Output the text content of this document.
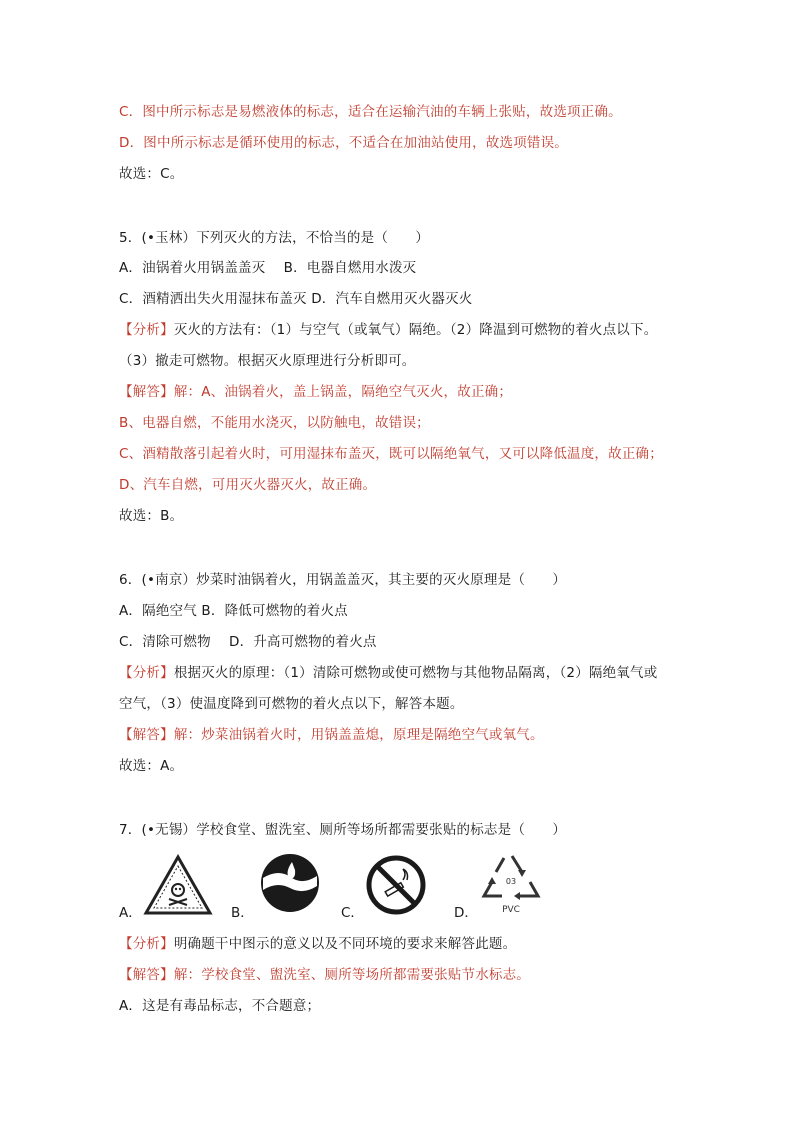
C．图中所示标志是易燃液体的标志，适合在运输汽油的车辆上张贴，故选项正确。
D．图中所示标志是循环使用的标志，不适合在加油站使用，故选项错误。
故选：C。
5．(•玉林）下列灭火的方法，不恰当的是（　　）
A．油锅着火用锅盖盖灭　 B．电器自燃用水泼灭
C．酒精洒出失火用湿抹布盖灭 D．汽车自燃用灭火器灭火
【分析】灭火的方法有：（1）与空气（或氧气）隔绝。（2）降温到可燃物的着火点以下。
（3）撤走可燃物。根据灭火原理进行分析即可。
【解答】解：A、油锅着火，盖上锅盖，隔绝空气灭火，故正确；
B、电器自燃，不能用水浇灭，以防触电，故错误；
C、酒精散落引起着火时，可用湿抹布盖灭，既可以隔绝氧气，又可以降低温度，故正确；
D、汽车自燃，可用灭火器灭火，故正确。
故选：B。
6．(•南京）炒菜时油锅着火，用锅盖盖灭，其主要的灭火原理是（　　）
A．隔绝空气 B．降低可燃物的着火点
C．清除可燃物　 D．升高可燃物的着火点
【分析】根据灭火的原理：（1）清除可燃物或使可燃物与其他物品隔离，（2）隔绝氧气或
空气，（3）使温度降到可燃物的着火点以下，解答本题。
【解答】解：炒菜油锅着火时，用锅盖盖熄，原理是隔绝空气或氧气。
故选：A。
7．(•无锡）学校食堂、盥洗室、厕所等场所都需要张贴的标志是（　　）
A．	B．	C．	D．
03
PVC
【分析】明确题干中图示的意义以及不同环境的要求来解答此题。
【解答】解：学校食堂、盥洗室、厕所等场所都需要张贴节水标志。
A．这是有毒品标志，不合题意；
